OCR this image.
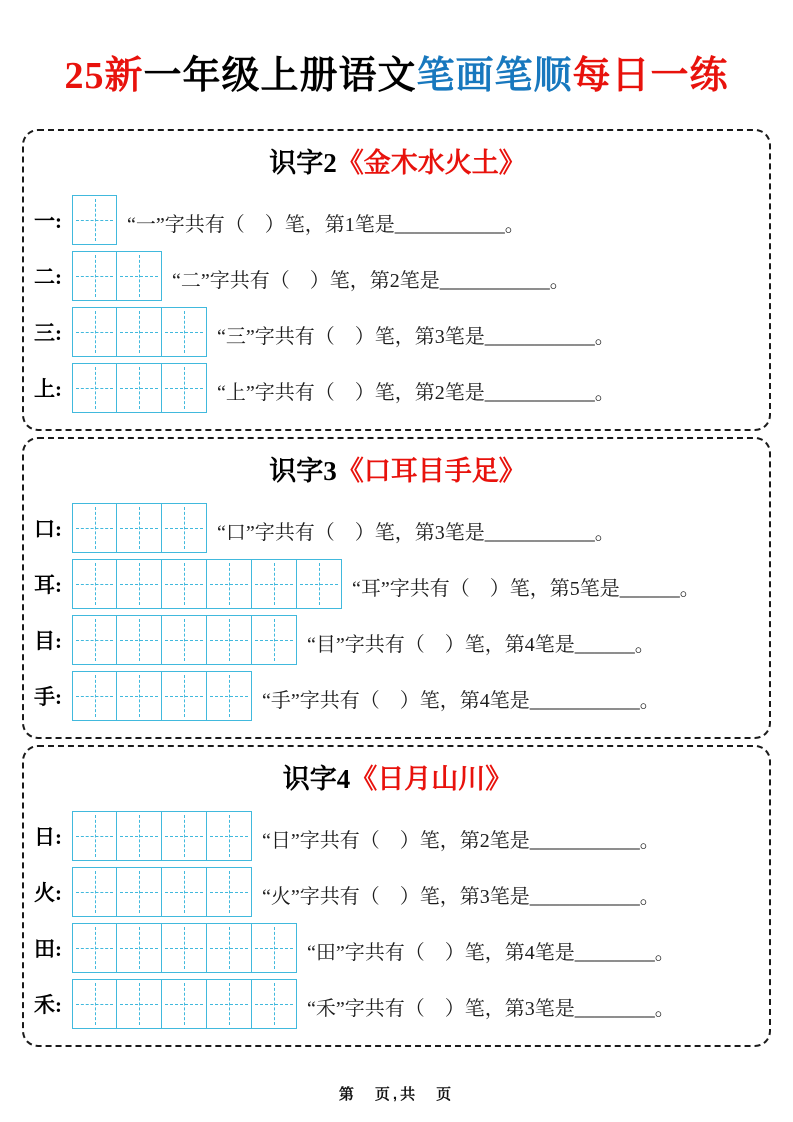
25新一年级上册语文笔画笔顺每日一练
识字2《金木水火土》
一:	“一”字共有（　）笔，第1笔是___________。
二:	“二”字共有（　）笔，第2笔是___________。
三:	“三”字共有（　）笔，第3笔是___________。
上:	“上”字共有（　）笔，第2笔是___________。
识字3《口耳目手足》
口:	“口”字共有（　）笔，第3笔是___________。
耳:	“耳”字共有（　）笔，第5笔是______。
目:	“目”字共有（　）笔，第4笔是______。
手:	“手”字共有（　）笔，第4笔是___________。
识字4《日月山川》
日:	“日”字共有（　）笔，第2笔是___________。
火:	“火”字共有（　）笔，第3笔是___________。
田:	“田”字共有（　）笔，第4笔是________。
禾:	“禾”字共有（　）笔，第3笔是________。
第　页,共　页
